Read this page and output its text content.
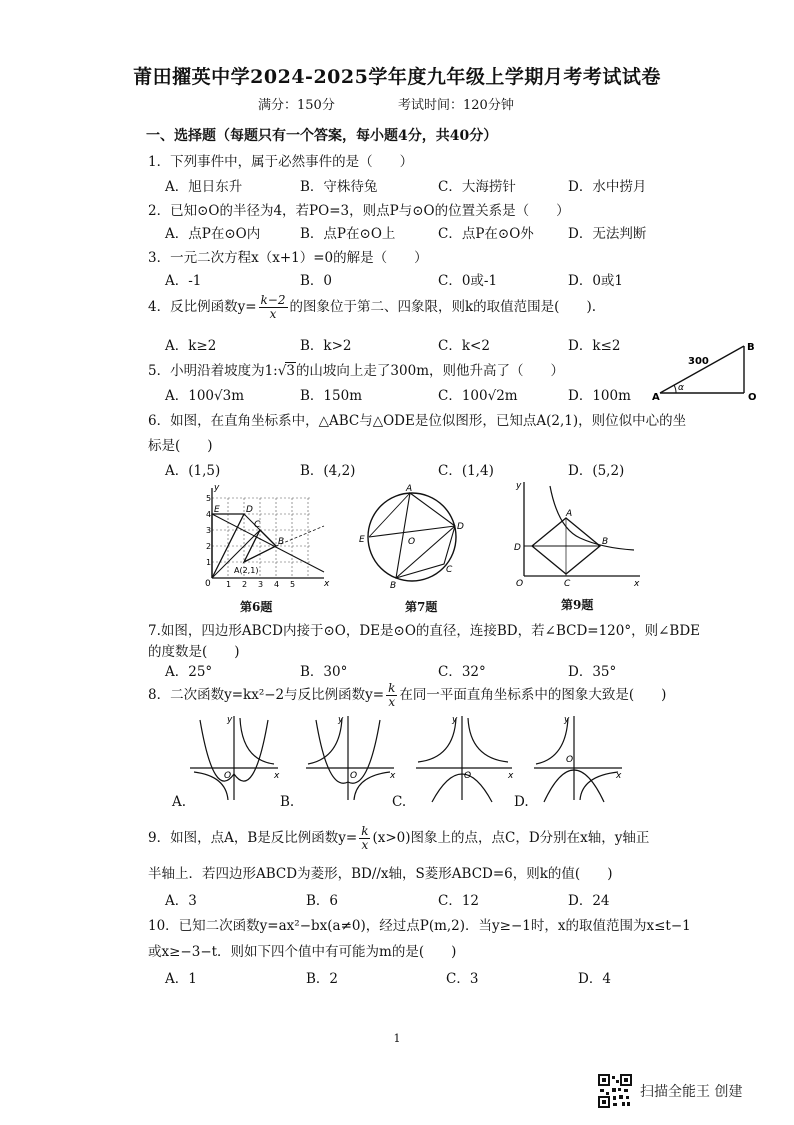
莆田擢英中学2024-2025学年度九年级上学期月考考试试卷
满分：150分	考试时间：120分钟
一、选择题（每题只有一个答案，每小题4分，共40分）
1．下列事件中，属于必然事件的是（　　）
A．旭日东升	B．守株待兔	C．大海捞针	D．水中捞月
2．已知⊙O的半径为4，若PO=3，则点P与⊙O的位置关系是（　　）
A．点P在⊙O内	B．点P在⊙O上	C．点P在⊙O外	D．无法判断
3．一元二次方程x（x+1）=0的解是（　　）
A．-1	B．0	C．0或-1	D．0或1
4．反比例函数$y= \frac{k-2}{x}$ 的图象位于第二、四象限，则k的取值范围是(　　).
A．k≥2	B．k>2	C．k<2	D．k≤2
5．小明沿着坡度为1:√3的山坡向上走了300m，则他升高了（　　）
A．100√3m	B．150m	C．100√2m	D．100m
300
B
A
α
O
6．如图，在直角坐标系中，△ABC与△ODE是位似图形，已知点A(2,1)，则位似中心的坐
标是(　　)
A．(1,5)	B．(4,2)	C．(1,4)	D．(5,2)
y
x
0
1
2
3
4
5
1 2 3 4 5
E	D
C
B
A(2,1)
第6题
A
B
C
D
E	O
第7题
y
x
O
A
B
C
D
第9题
7.如图，四边形ABCD内接于⊙O，DE是⊙O的直径，连接BD，若∠BCD=120°，则∠BDE
的度数是(　　)
A．25°	B．30°	C．32°	D．35°
8．二次函数y=kx²−2与反比例函数$y= \frac{k}{x}$ 在同一平面直角坐标系中的图象大致是(　　)
y
x
O
y
x
O
y
x
O
y
x
O
A.	B.	C.	D.
9．如图，点A，B是反比例函数$y= \frac{k}{x} (x>0)$图象上的点，点C，D分别在x轴，y轴正
半轴上．若四边形ABCD为菱形，BD//x轴，S菱形ABCD=6，则k的值(　　)
A．3	B．6	C．12	D．24
10．已知二次函数y=ax²−bx(a≠0)，经过点P(m,2)．当y≥−1时，x的取值范围为x≤t−1
或x≥−3−t．则如下四个值中有可能为m的是(　　)
A．1	B．2	C．3	D．4
1
扫描全能王 创建
